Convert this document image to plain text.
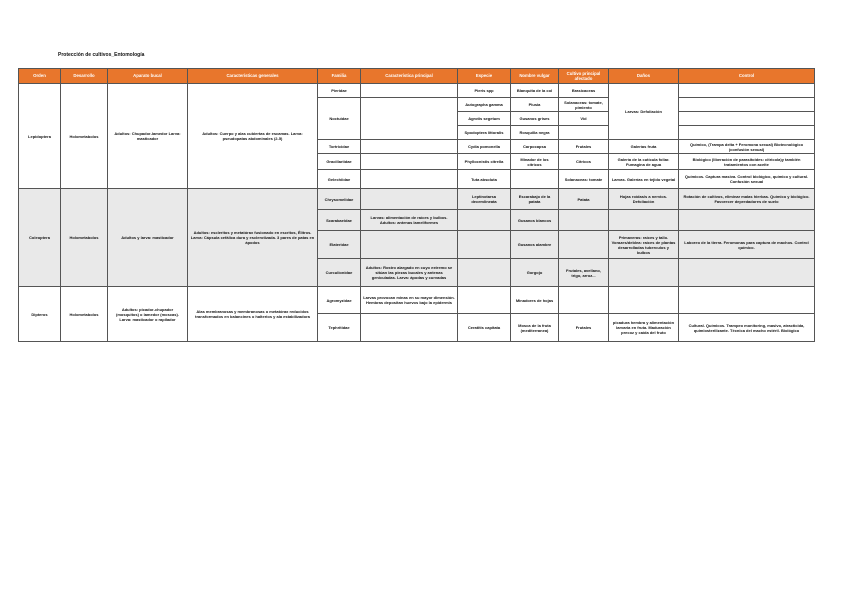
Protección de cultivos_Entomología
Orden	Desarrollo	Aparato bucal	Características generales	Familia	Característica principal	Especie	Nombre vulgar	Cultivo principal afectado	Daños	Control
Lepidoptera	Holometabolos	Adultos: Chupador-lamedor Larva: masticador	Adultos: Cuerpo y alas cubiertas de escamas. Larva: pseudopatas abdominales (2-5)	Pieridae		Pieris spp	Blanquita de la col	Brasicaceas	Larvas: Defoliación	
				Noctuidae		Autographa gamma	Plusia	Solanaceas: tomate, pimiento		
						Agrotis segetum	Gusanos grises	Vid		
						Spodoptera littoralis	Rosquilla negra			
				Tortricidae		Cydia pomonella	Carpocapsa	Frutales	Galerías fruta	Químico, (Trampa delta + Feromona sexual) Biotecnológico (confusión sexual)
				Gracillariidae		Phyllocnistis citrella	Minador de los cítricos	Cítricos	Galería de la cutícula foliar. Fumagina de agua	Biológico (liberación de parasitoides: citricola)y también tratamientos con aceite
				Gelechiidae		Tuta absoluta		Solanaceas: tomate	Larvas. Galerías en tejido vegetal	Químicos. Captura masiva. Control biológico, químico y cultural. Confusión sexual
Coleoptera	Holometabolos	Adultos y larva: masticador	Adultos: escleritos y metatórax fusionado en escritos, Élitros. Larva: Cápsula cefálica dura y esclerotizada. 3 pares de patas en ápodos	Chrysomelidae		Leptinotarsa decemlineata	Escarabajo de la patata	Patata	Hojas roídas/s a nervios. Defoliación	Rotación de cultivos, eliminar malas hierbas. Químico y biológico. Favorecer depredadores de suelo
				Scarabaeidae	Larvas: alimentación de raíces y bulbos. Adultos: antenas lameliformes		Gusanos blancos			
				Elateridae			Gusanos alambre		Primaveras: raíces y tallo. Vorazes/deblea: raíces de plantas desarrolladas tuberculos y bulbos	Laboreo de la tierra. Feromonas para captura de machos. Control químico.
				Curculionidae	Adultos: Rostro alargado en cuyo extremo se sitúan las piezas bucales y antenas geniculadas. Larva: ápodas y curvadas		Gorgojo	Frutales, avellano, trigo, arroz...		
Dipteros	Holometabolos	Adultos: picador-chupador (mosquitos) o lamedor (moscas). Larva: masticador o rapilador	Alas membranosas y membranosas o metatórax reducidos transformados en balancines o halterios y ala estabilizadora	Agromyzidae	Larvas provocan minas en su mayor dimensión. Hembras depositan huevos bajo la epidermis		Minadores de hojas			
				Tephritidae		Ceratitis capitata	Mosca de la fruta (mediterranea)	Frutales	picadura hembra y alimentación larvaria en fruta. Maduración precoz y caída del fruto	Cultural. Químicos. Trampeo monitoring, masivo, atracticida, quimiosterilizante. Técnica del macho estéril. Biológico
